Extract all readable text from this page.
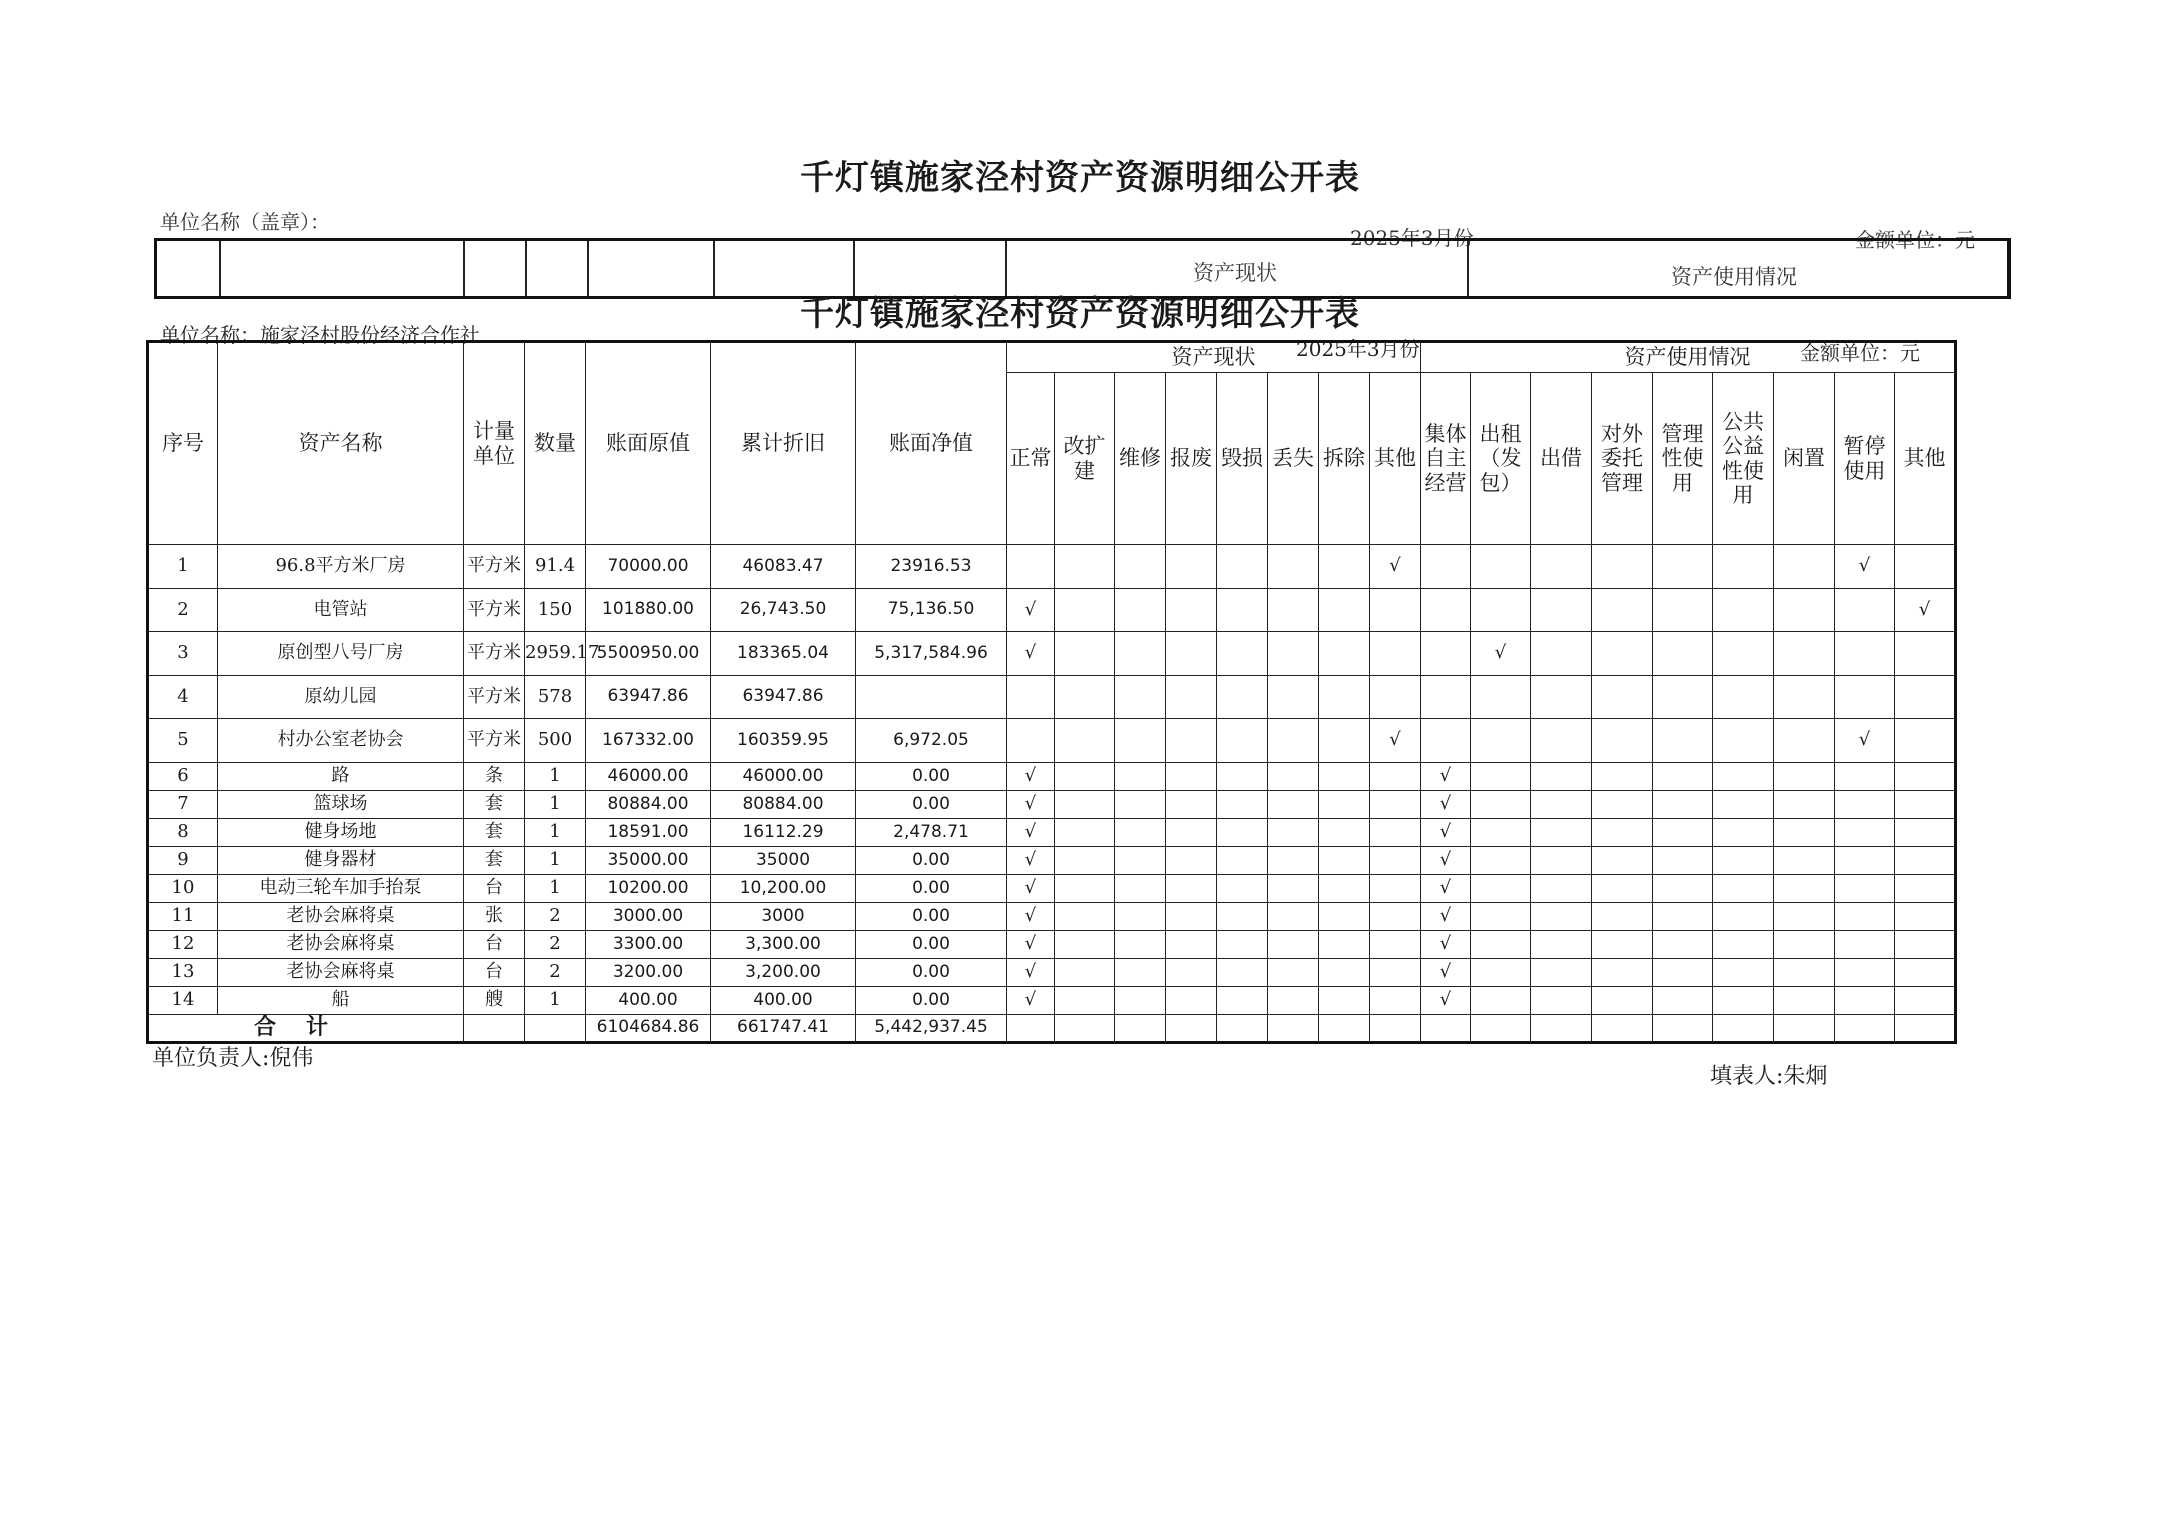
千灯镇施家泾村资产资源明细公开表
单位名称（盖章）：
2025年3月份	金额单位：元
资产现状	资产使用情况
千灯镇施家泾村资产资源明细公开表
单位名称：施家泾村股份经济合作社
2025年3月份	金额单位：元
序号	资产名称	计量单位	数量	账面原值	累计折旧	账面净值	资产现状								资产使用情况								
							正常	改扩建	维修	报废	毁损	丢失	拆除	其他	集体自主经营	出租（发包）	出借	对外委托管理	管理性使用	公共公益性使用	闲置	暂停使用	其他
1	96.8平方米厂房	平方米	91.4	70000.00	46083.47	23916.53								√								√	
2	电管站	平方米	150	101880.00	26,743.50	75,136.50	√																√
3	原创型八号厂房	平方米	2959.17	5500950.00	183365.04	5,317,584.96	√									√							
4	原幼儿园	平方米	578	63947.86	63947.86																		
5	村办公室老协会	平方米	500	167332.00	160359.95	6,972.05								√								√	
6	路	条	1	46000.00	46000.00	0.00	√								√								
7	篮球场	套	1	80884.00	80884.00	0.00	√								√								
8	健身场地	套	1	18591.00	16112.29	2,478.71	√								√								
9	健身器材	套	1	35000.00	35000	0.00	√								√								
10	电动三轮车加手抬泵	台	1	10200.00	10,200.00	0.00	√								√								
11	老协会麻将桌	张	2	3000.00	3000	0.00	√								√								
12	老协会麻将桌	台	2	3300.00	3,300.00	0.00	√								√								
13	老协会麻将桌	台	2	3200.00	3,200.00	0.00	√								√								
14	船	艘	1	400.00	400.00	0.00	√								√								
合计				6104684.86	661747.41	5,442,937.45																	
单位负责人:倪伟
填表人:朱炯
